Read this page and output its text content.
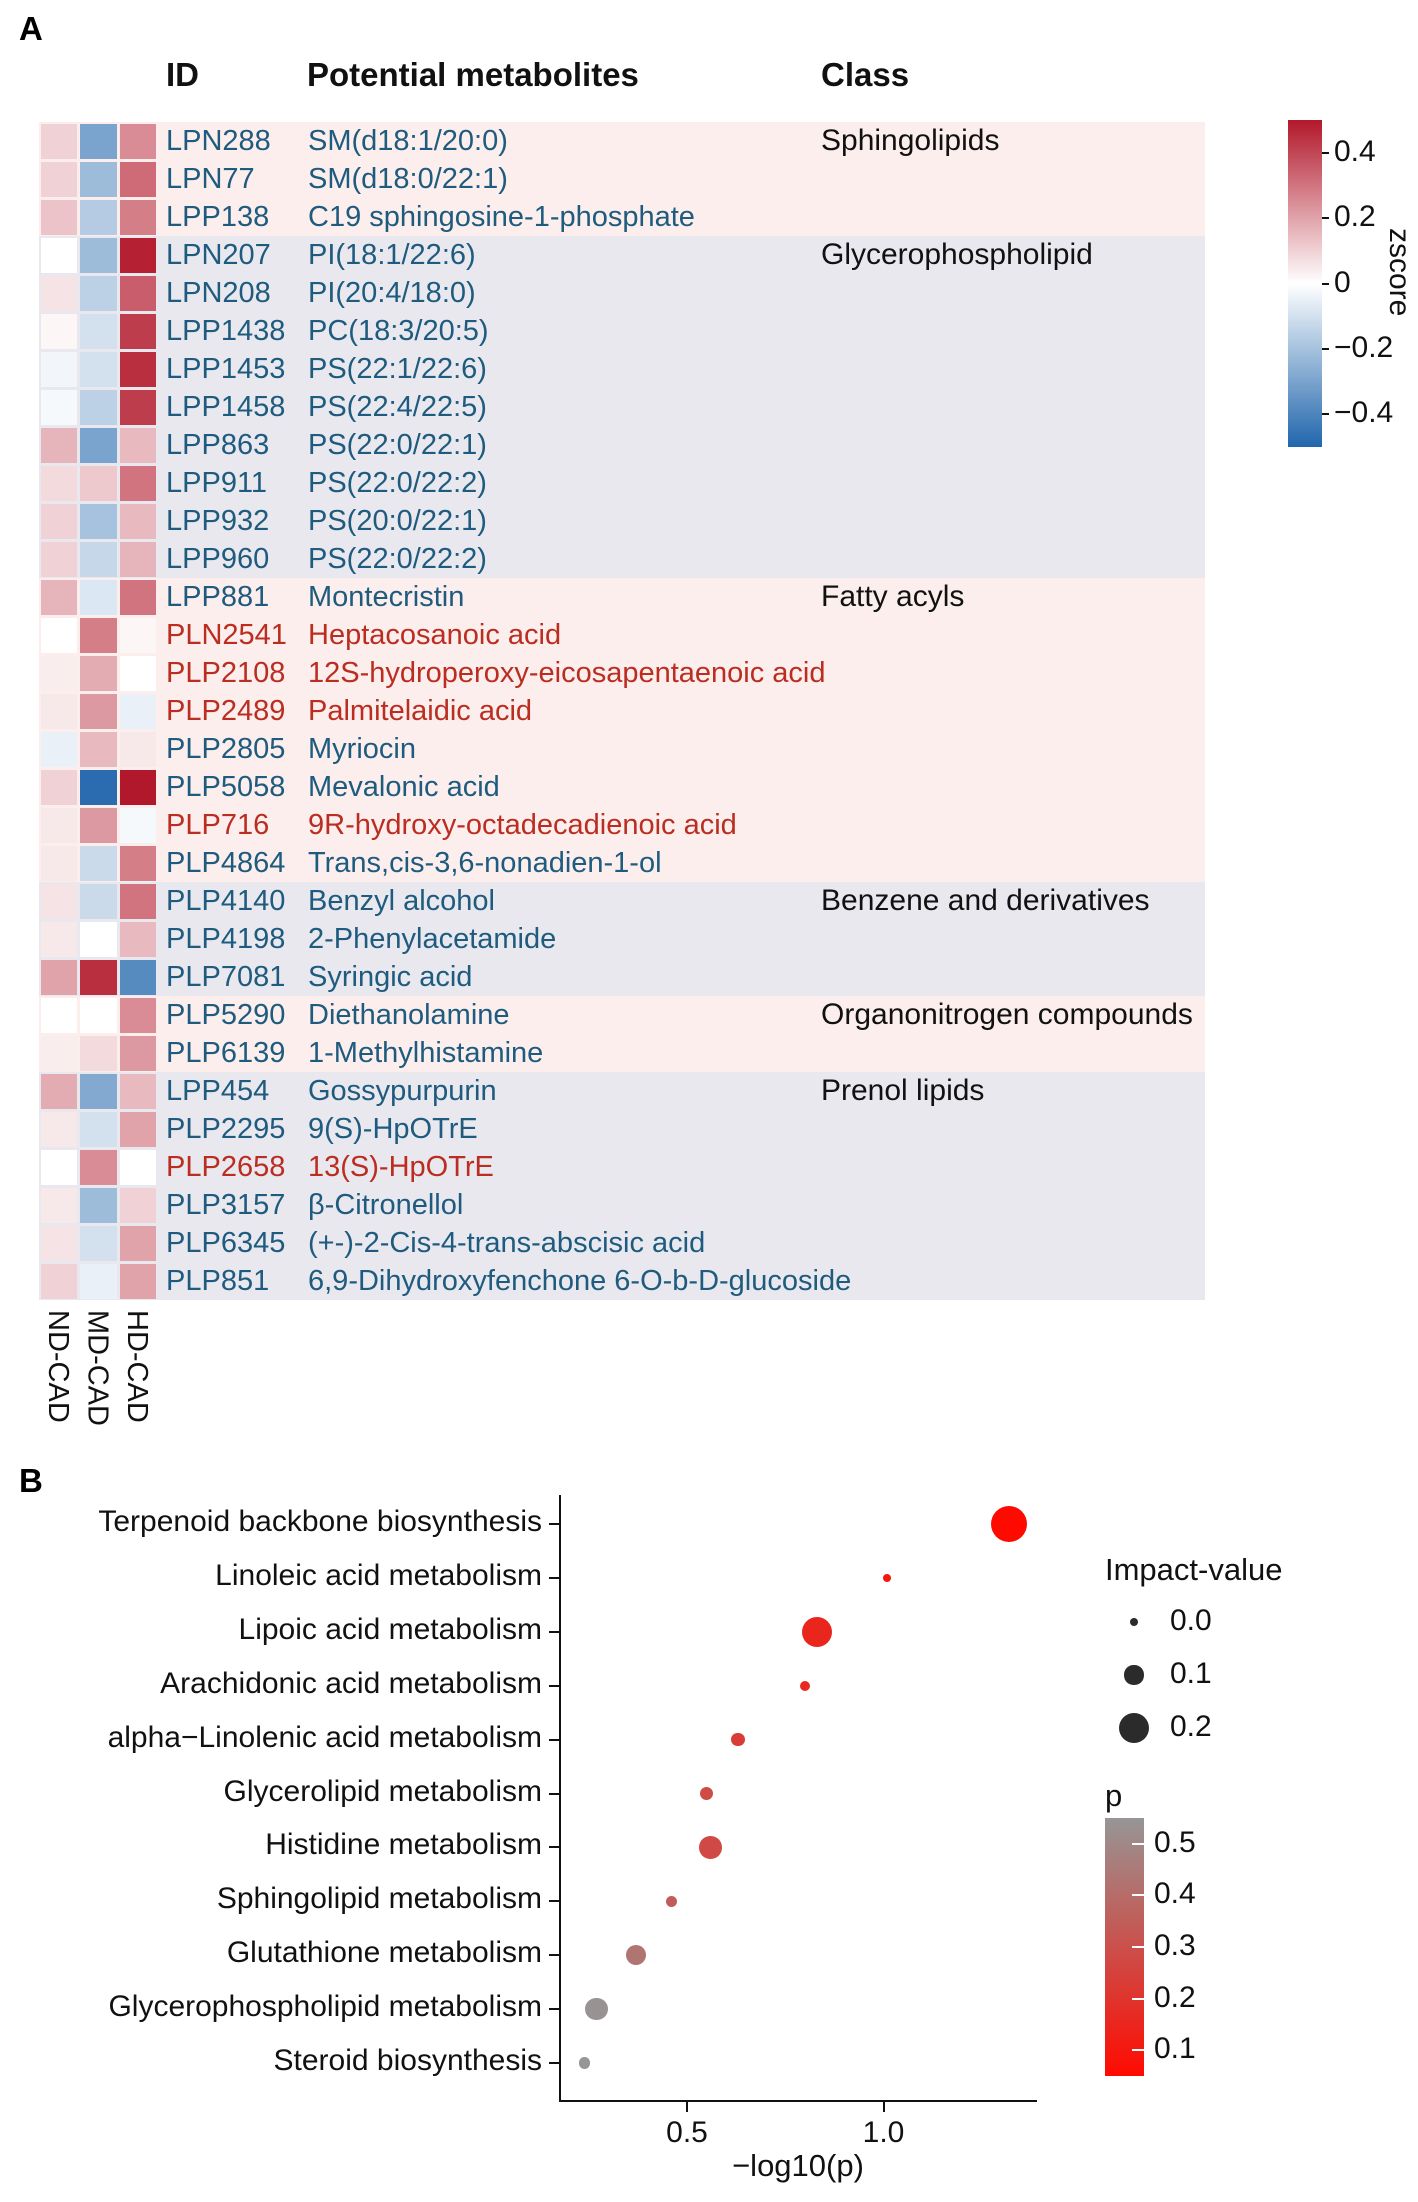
A
ID	Potential metabolites	Class
LPN288 SM(d18:1/20:0)	Sphingolipids
LPN77 SM(d18:0/22:1)
LPP138 C19 sphingosine-1-phosphate
LPN207 PI(18:1/22:6)	Glycerophospholipid
LPN208 PI(20:4/18:0)
LPP1438 PC(18:3/20:5)
LPP1453 PS(22:1/22:6)
LPP1458 PS(22:4/22:5)
LPP863 PS(22:0/22:1)
LPP911 PS(22:0/22:2)
LPP932 PS(20:0/22:1)
LPP960 PS(22:0/22:2)
LPP881 Montecristin	Fatty acyls
PLN2541 Heptacosanoic acid
PLP2108 12S-hydroperoxy-eicosapentaenoic acid
PLP2489 Palmitelaidic acid
PLP2805 Myriocin
PLP5058 Mevalonic acid
PLP716 9R-hydroxy-octadecadienoic acid
PLP4864 Trans,cis-3,6-nonadien-1-ol
PLP4140 Benzyl alcohol	Benzene and derivatives
PLP4198 2-Phenylacetamide
PLP7081 Syringic acid
PLP5290 Diethanolamine	Organonitrogen compounds
PLP6139 1-Methylhistamine
LPP454 Gossypurpurin	Prenol lipids
PLP2295 9(S)-HpOTrE
PLP2658 13(S)-HpOTrE
PLP3157 β-Citronellol
PLP6345 (+-)-2-Cis-4-trans-abscisic acid
PLP851 6,9-Dihydroxyfenchone 6-O-b-D-glucoside
ND-CAD MD-CAD HD-CAD
0.4
0.2
0
−0.2
−0.4
zscore
B
Terpenoid backbone biosynthesis
Linoleic acid metabolism
Lipoic acid metabolism
Arachidonic acid metabolism
alpha−Linolenic acid metabolism
Glycerolipid metabolism
Histidine metabolism
Sphingolipid metabolism
Glutathione metabolism
Glycerophospholipid metabolism
Steroid biosynthesis
0.5	1.0
−log10(p)
Impact-value
0.0
0.1
0.2
p
0.5
0.4
0.3
0.2
0.1
